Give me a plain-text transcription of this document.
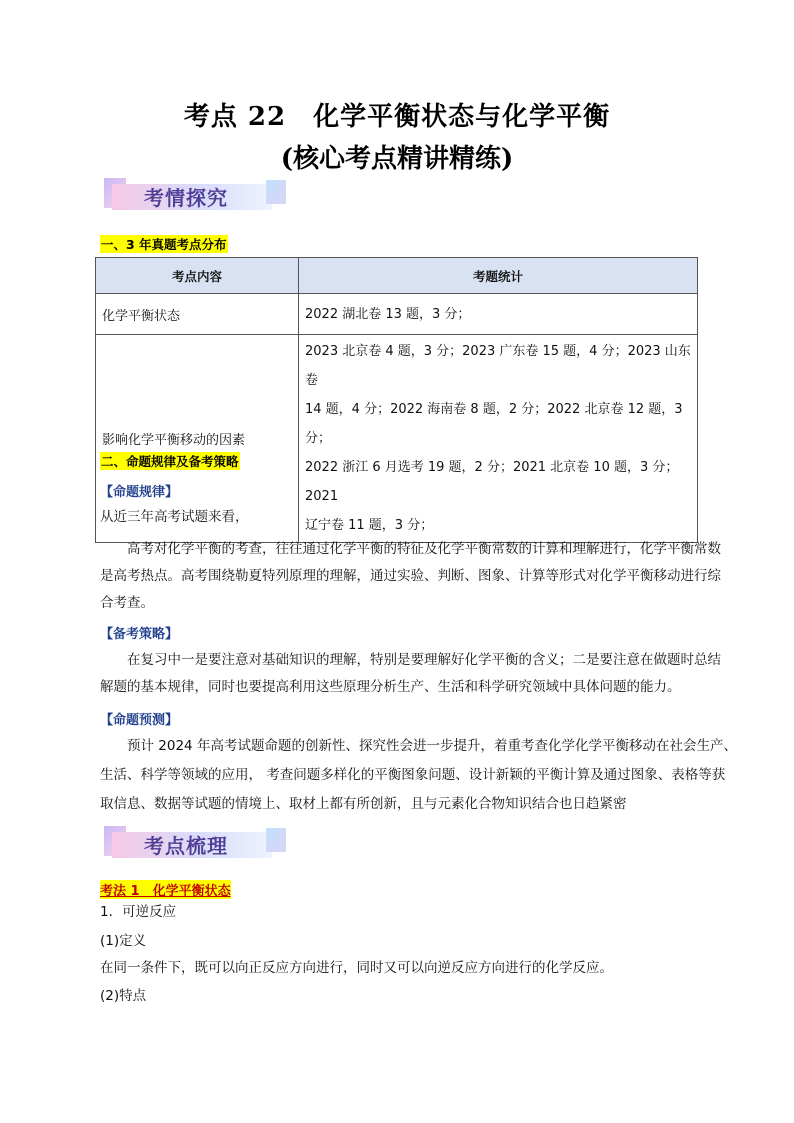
考点 22　化学平衡状态与化学平衡
(核心考点精讲精练)
考情探究
一、3 年真题考点分布
考点内容	考题统计
化学平衡状态	2022 湖北卷 13 题，3 分；

影响化学平衡移动的因素	2023 北京卷 4 题，3 分；2023 广东卷 15 题，4 分；2023 山东卷
14 题，4 分；2022 海南卷 8 题，2 分；2022 北京卷 12 题，3 分；
2022 浙江 6 月选考 19 题，2 分；2021 北京卷 10 题，3 分；2021
辽宁卷 11 题，3 分；
二、命题规律及备考策略
【命题规律】
从近三年高考试题来看，
高考对化学平衡的考查，往往通过化学平衡的特征及化学平衡常数的计算和理解进行，化学平衡常数
是高考热点。高考围绕勒夏特列原理的理解，通过实验、判断、图象、计算等形式对化学平衡移动进行综
合考查。
【备考策略】
在复习中一是要注意对基础知识的理解，特别是要理解好化学平衡的含义；二是要注意在做题时总结
解题的基本规律，同时也要提高利用这些原理分析生产、生活和科学研究领域中具体问题的能力。
【命题预测】
预计 2024 年高考试题命题的创新性、探究性会进一步提升，着重考查化学化学平衡移动在社会生产、
生活、科学等领域的应用， 考查问题多样化的平衡图象问题、设计新颖的平衡计算及通过图象、表格等获
取信息、数据等试题的情境上、取材上都有所创新，且与元素化合物知识结合也日趋紧密
考点梳理
考法 1　化学平衡状态
1．可逆反应
(1)定义
在同一条件下，既可以向正反应方向进行，同时又可以向逆反应方向进行的化学反应。
(2)特点
